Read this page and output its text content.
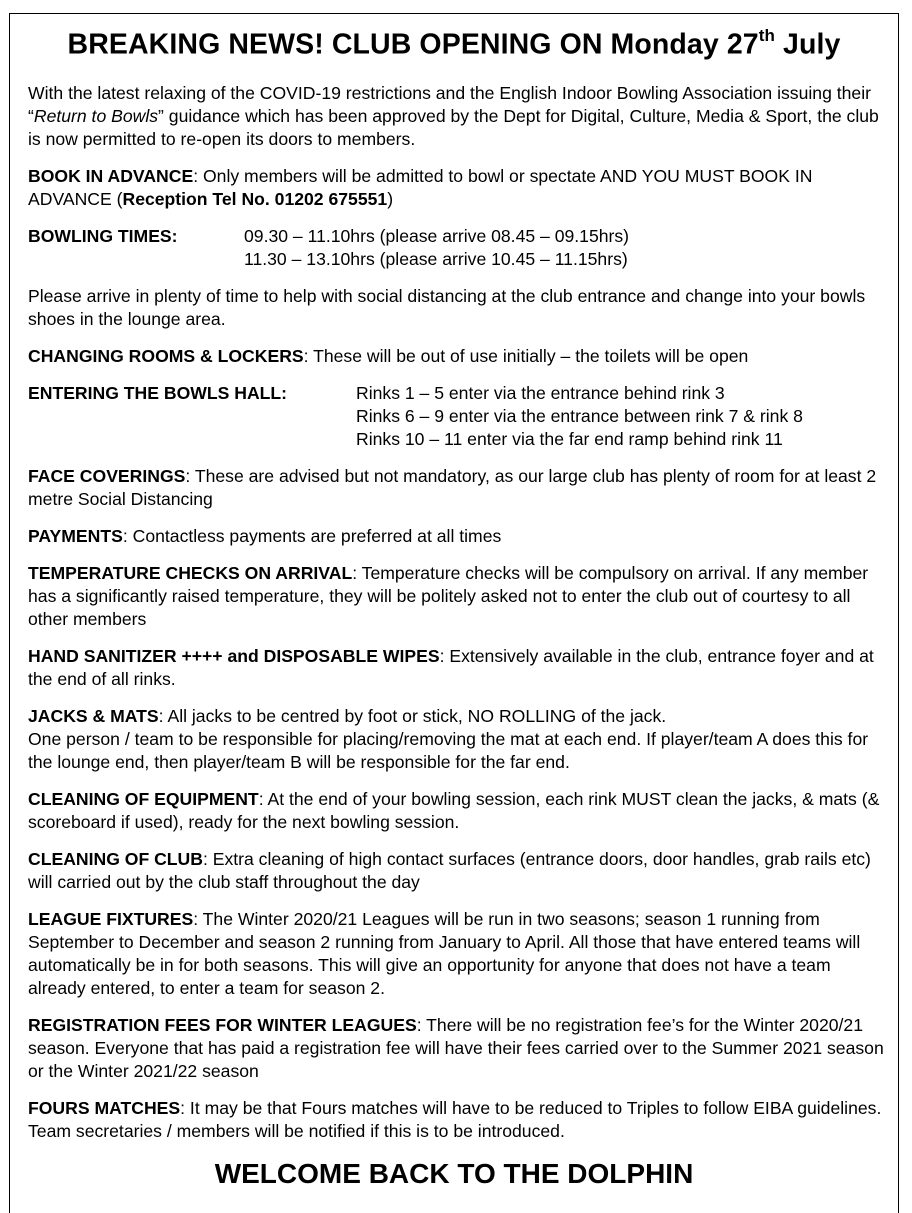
BREAKING NEWS! CLUB OPENING ON Monday 27th July

With the latest relaxing of the COVID-19 restrictions and the English Indoor Bowling Association issuing their “Return to Bowls” guidance which has been approved by the Dept for Digital, Culture, Media & Sport, the club is now permitted to re-open its doors to members.

BOOK IN ADVANCE: Only members will be admitted to bowl or spectate AND YOU MUST BOOK IN ADVANCE (Reception Tel No. 01202 675551)

BOWLING TIMES:	09.30 – 11.10hrs (please arrive 08.45 – 09.15hrs)
11.30 – 13.10hrs (please arrive 10.45 – 11.15hrs)

Please arrive in plenty of time to help with social distancing at the club entrance and change into your bowls shoes in the lounge area.

CHANGING ROOMS & LOCKERS: These will be out of use initially – the toilets will be open

ENTERING THE BOWLS HALL:	Rinks 1 – 5 enter via the entrance behind rink 3
Rinks 6 – 9 enter via the entrance between rink 7 & rink 8
Rinks 10 – 11 enter via the far end ramp behind rink 11

FACE COVERINGS: These are advised but not mandatory, as our large club has plenty of room for at least 2 metre Social Distancing

PAYMENTS: Contactless payments are preferred at all times

TEMPERATURE CHECKS ON ARRIVAL: Temperature checks will be compulsory on arrival. If any member has a significantly raised temperature, they will be politely asked not to enter the club out of courtesy to all other members

HAND SANITIZER ++++ and DISPOSABLE WIPES: Extensively available in the club, entrance foyer and at the end of all rinks.

JACKS & MATS: All jacks to be centred by foot or stick, NO ROLLING of the jack.
One person / team to be responsible for placing/removing the mat at each end. If player/team A does this for the lounge end, then player/team B will be responsible for the far end.

CLEANING OF EQUIPMENT: At the end of your bowling session, each rink MUST clean the jacks, & mats (& scoreboard if used), ready for the next bowling session.

CLEANING OF CLUB: Extra cleaning of high contact surfaces (entrance doors, door handles, grab rails etc) will carried out by the club staff throughout the day

LEAGUE FIXTURES: The Winter 2020/21 Leagues will be run in two seasons; season 1 running from September to December and season 2 running from January to April. All those that have entered teams will automatically be in for both seasons. This will give an opportunity for anyone that does not have a team already entered, to enter a team for season 2.

REGISTRATION FEES FOR WINTER LEAGUES: There will be no registration fee’s for the Winter 2020/21 season. Everyone that has paid a registration fee will have their fees carried over to the Summer 2021 season or the Winter 2021/22 season

FOURS MATCHES: It may be that Fours matches will have to be reduced to Triples to follow EIBA guidelines. Team secretaries / members will be notified if this is to be introduced.

WELCOME BACK TO THE DOLPHIN
